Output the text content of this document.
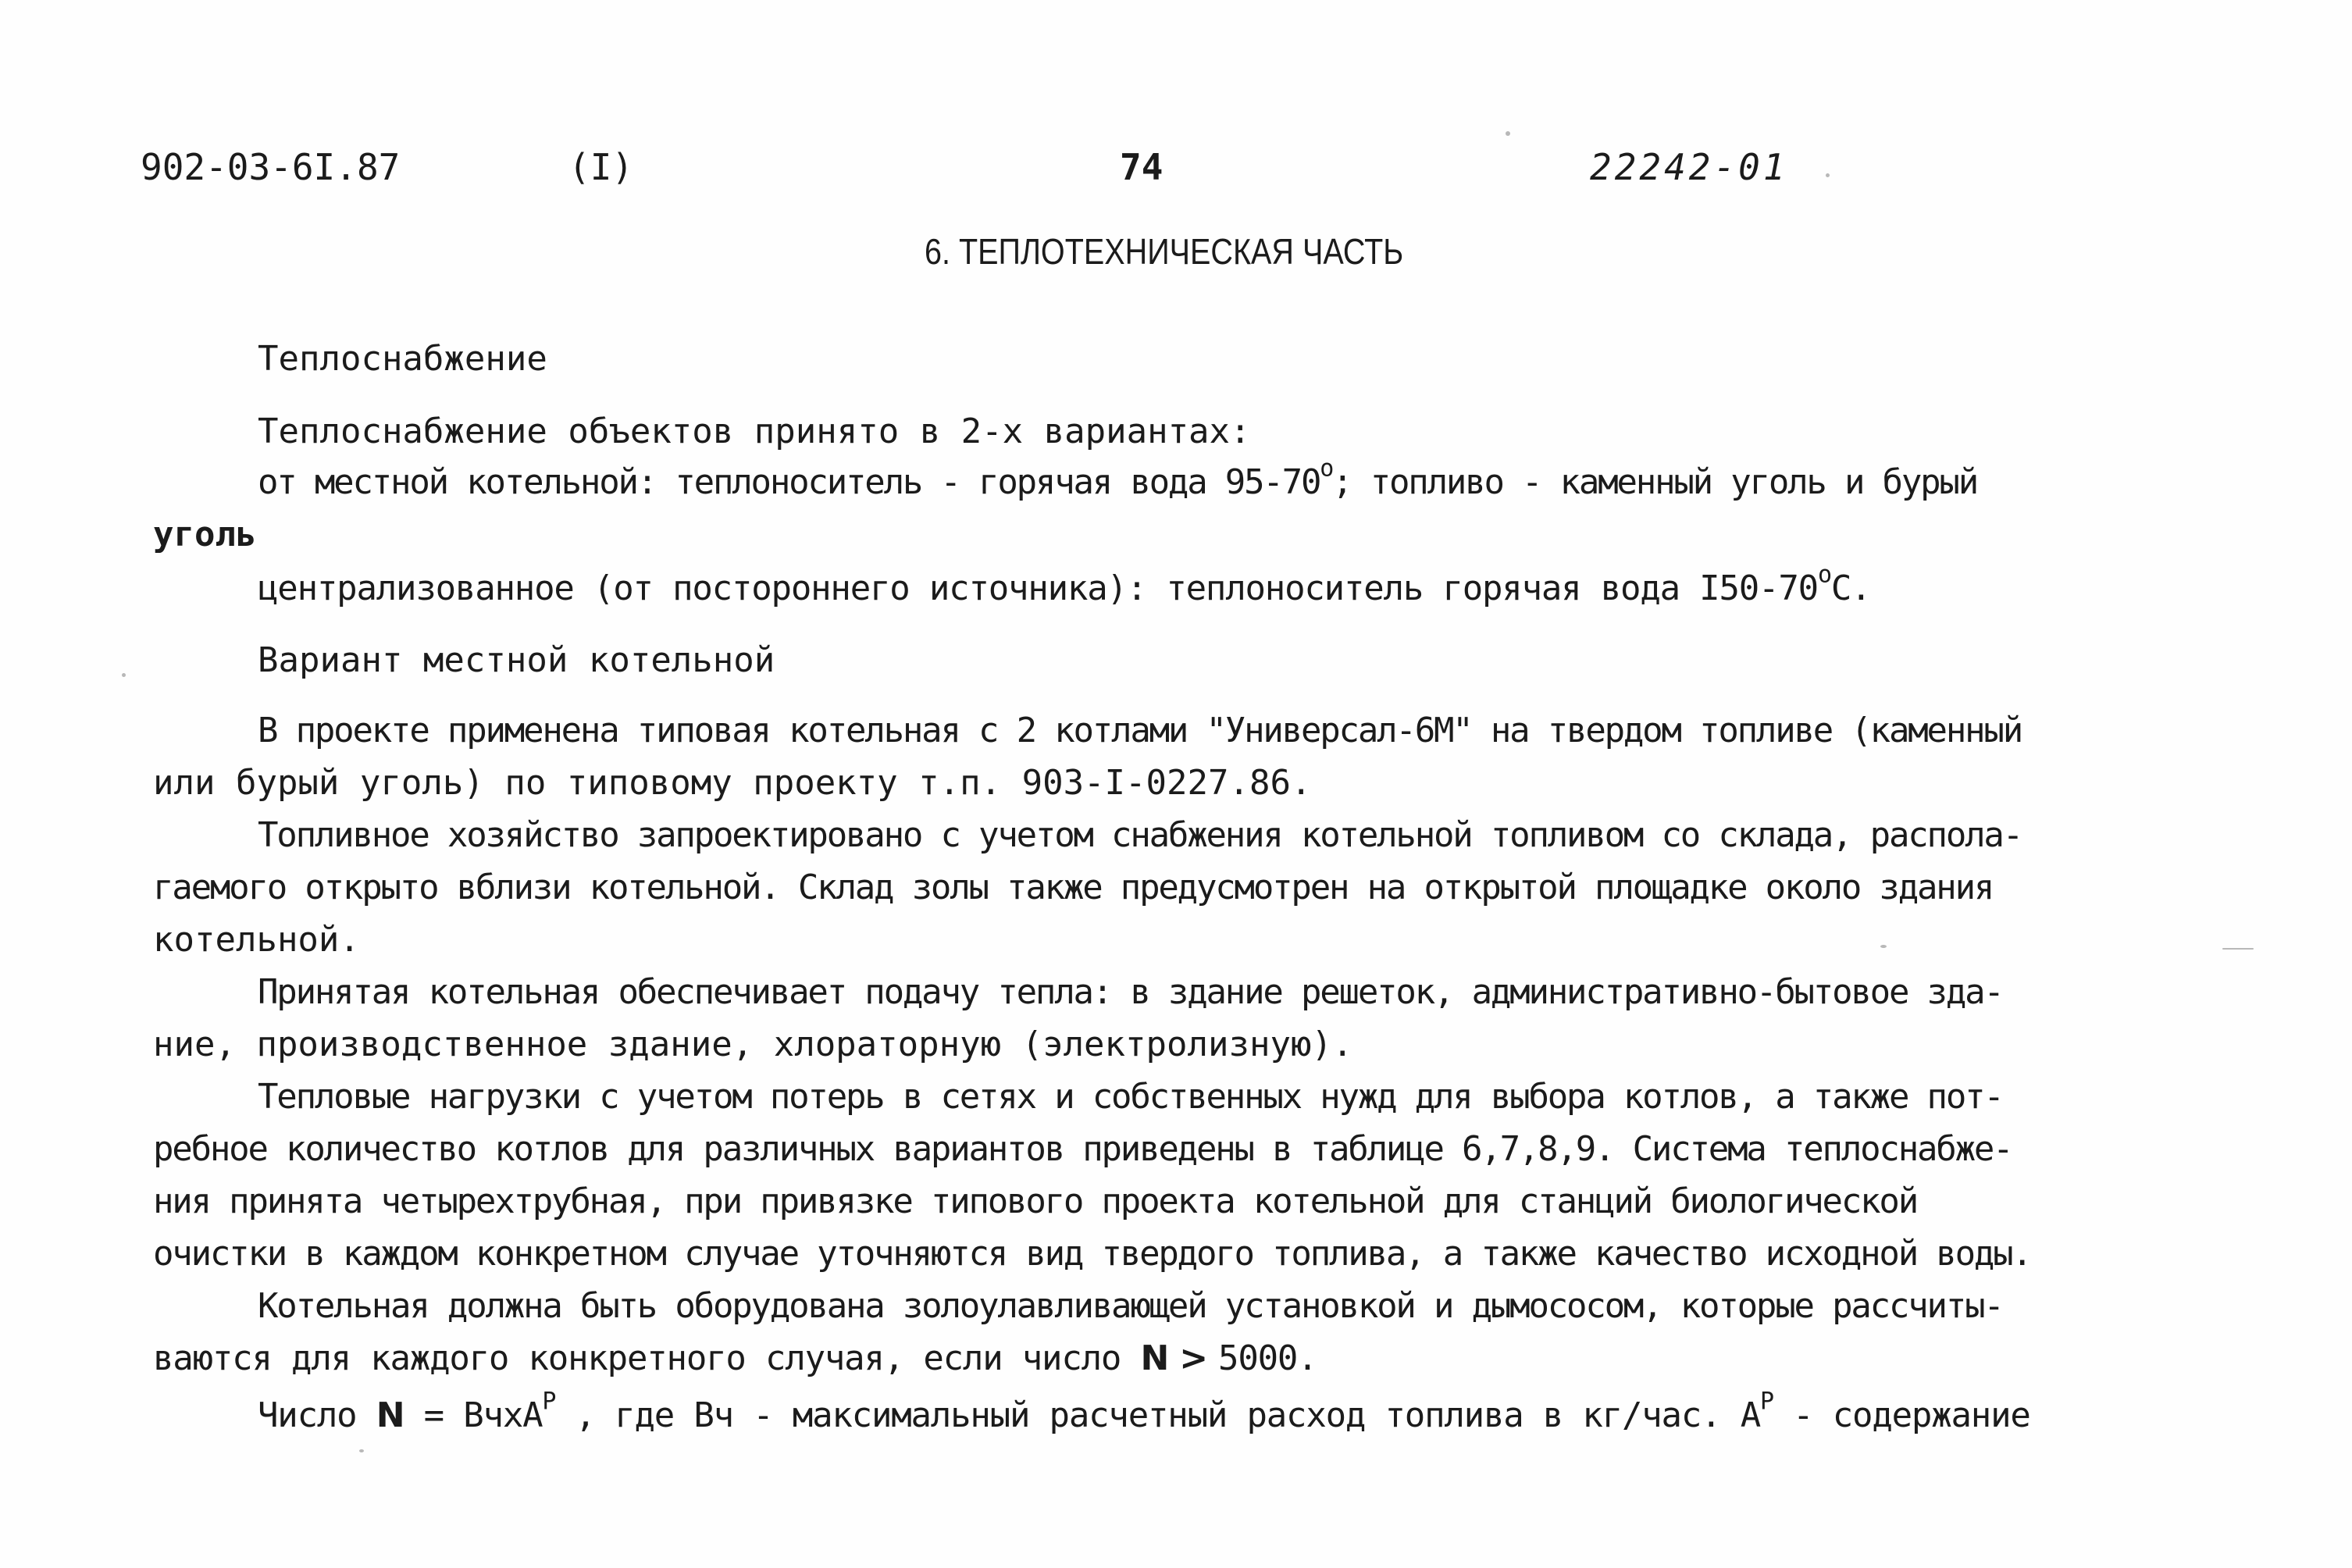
902-03-6I.87	(I)	74	22242-01
6. ТЕПЛОТЕХНИЧЕСКАЯ ЧАСТЬ
Теплоснабжение
Теплоснабжение объектов принято в 2-х вариантах:
от местной котельной: теплоноситель - горячая вода $95-70^о$; топливо - каменный уголь и бурый
уголь
централизованное (от постороннего источника): теплоноситель горячая вода $I50-70^оС$.
Вариант местной котельной
В проекте применена типовая котельная с 2 котлами "Универсал-6М" на твердом топливе (каменный
или бурый уголь) по типовому проекту т.п. 903-I-0227.86.
Топливное хозяйство запроектировано с учетом снабжения котельной топливом со склада, распола-
гаемого открыто вблизи котельной. Склад золы также предусмотрен на открытой площадке около здания
котельной.
Принятая котельная обеспечивает подачу тепла: в здание решеток, административно-бытовое зда-
ние, производственное здание, хлораторную (электролизную).
Тепловые нагрузки с учетом потерь в сетях и собственных нужд для выбора котлов, а также пот-
ребное количество котлов для различных вариантов приведены в таблице 6,7,8,9. Система теплоснабже-
ния принята четырехтрубная, при привязке типового проекта котельной для станций биологической
очистки в каждом конкретном случае уточняются вид твердого топлива, а также качество исходной воды.
Котельная должна быть оборудована золоулавливающей установкой и дымососом, которые рассчиты-
ваются для каждого конкретного случая, если число N > 5000.
Число N = ВчхА$^Р$ , где Вч - максимальный расчетный расход топлива в кг/час. $А^Р$ - содержание
